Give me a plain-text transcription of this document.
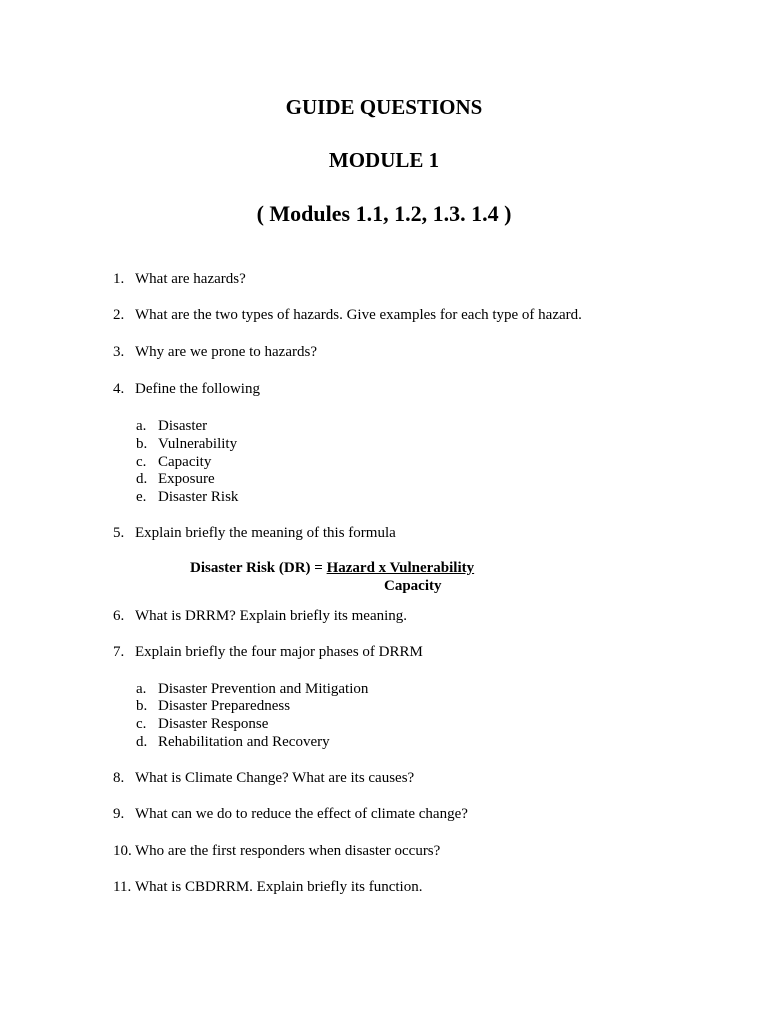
GUIDE QUESTIONS
MODULE 1
( Modules 1.1, 1.2, 1.3. 1.4 )
1. What are hazards?
2. What are the two types of hazards. Give examples for each type of hazard.
3. Why are we prone to hazards?
4. Define the following
a. Disaster
b. Vulnerability
c. Capacity
d. Exposure
e. Disaster Risk
5. Explain briefly the meaning of this formula
Disaster Risk (DR) = Hazard x Vulnerability
Capacity
6. What is DRRM? Explain briefly its meaning.
7. Explain briefly the four major phases of DRRM
a. Disaster Prevention and Mitigation
b. Disaster Preparedness
c. Disaster Response
d. Rehabilitation and Recovery
8. What is Climate Change? What are its causes?
9. What can we do to reduce the effect of climate change?
10. Who are the first responders when disaster occurs?
11. What is CBDRRM. Explain briefly its function.
